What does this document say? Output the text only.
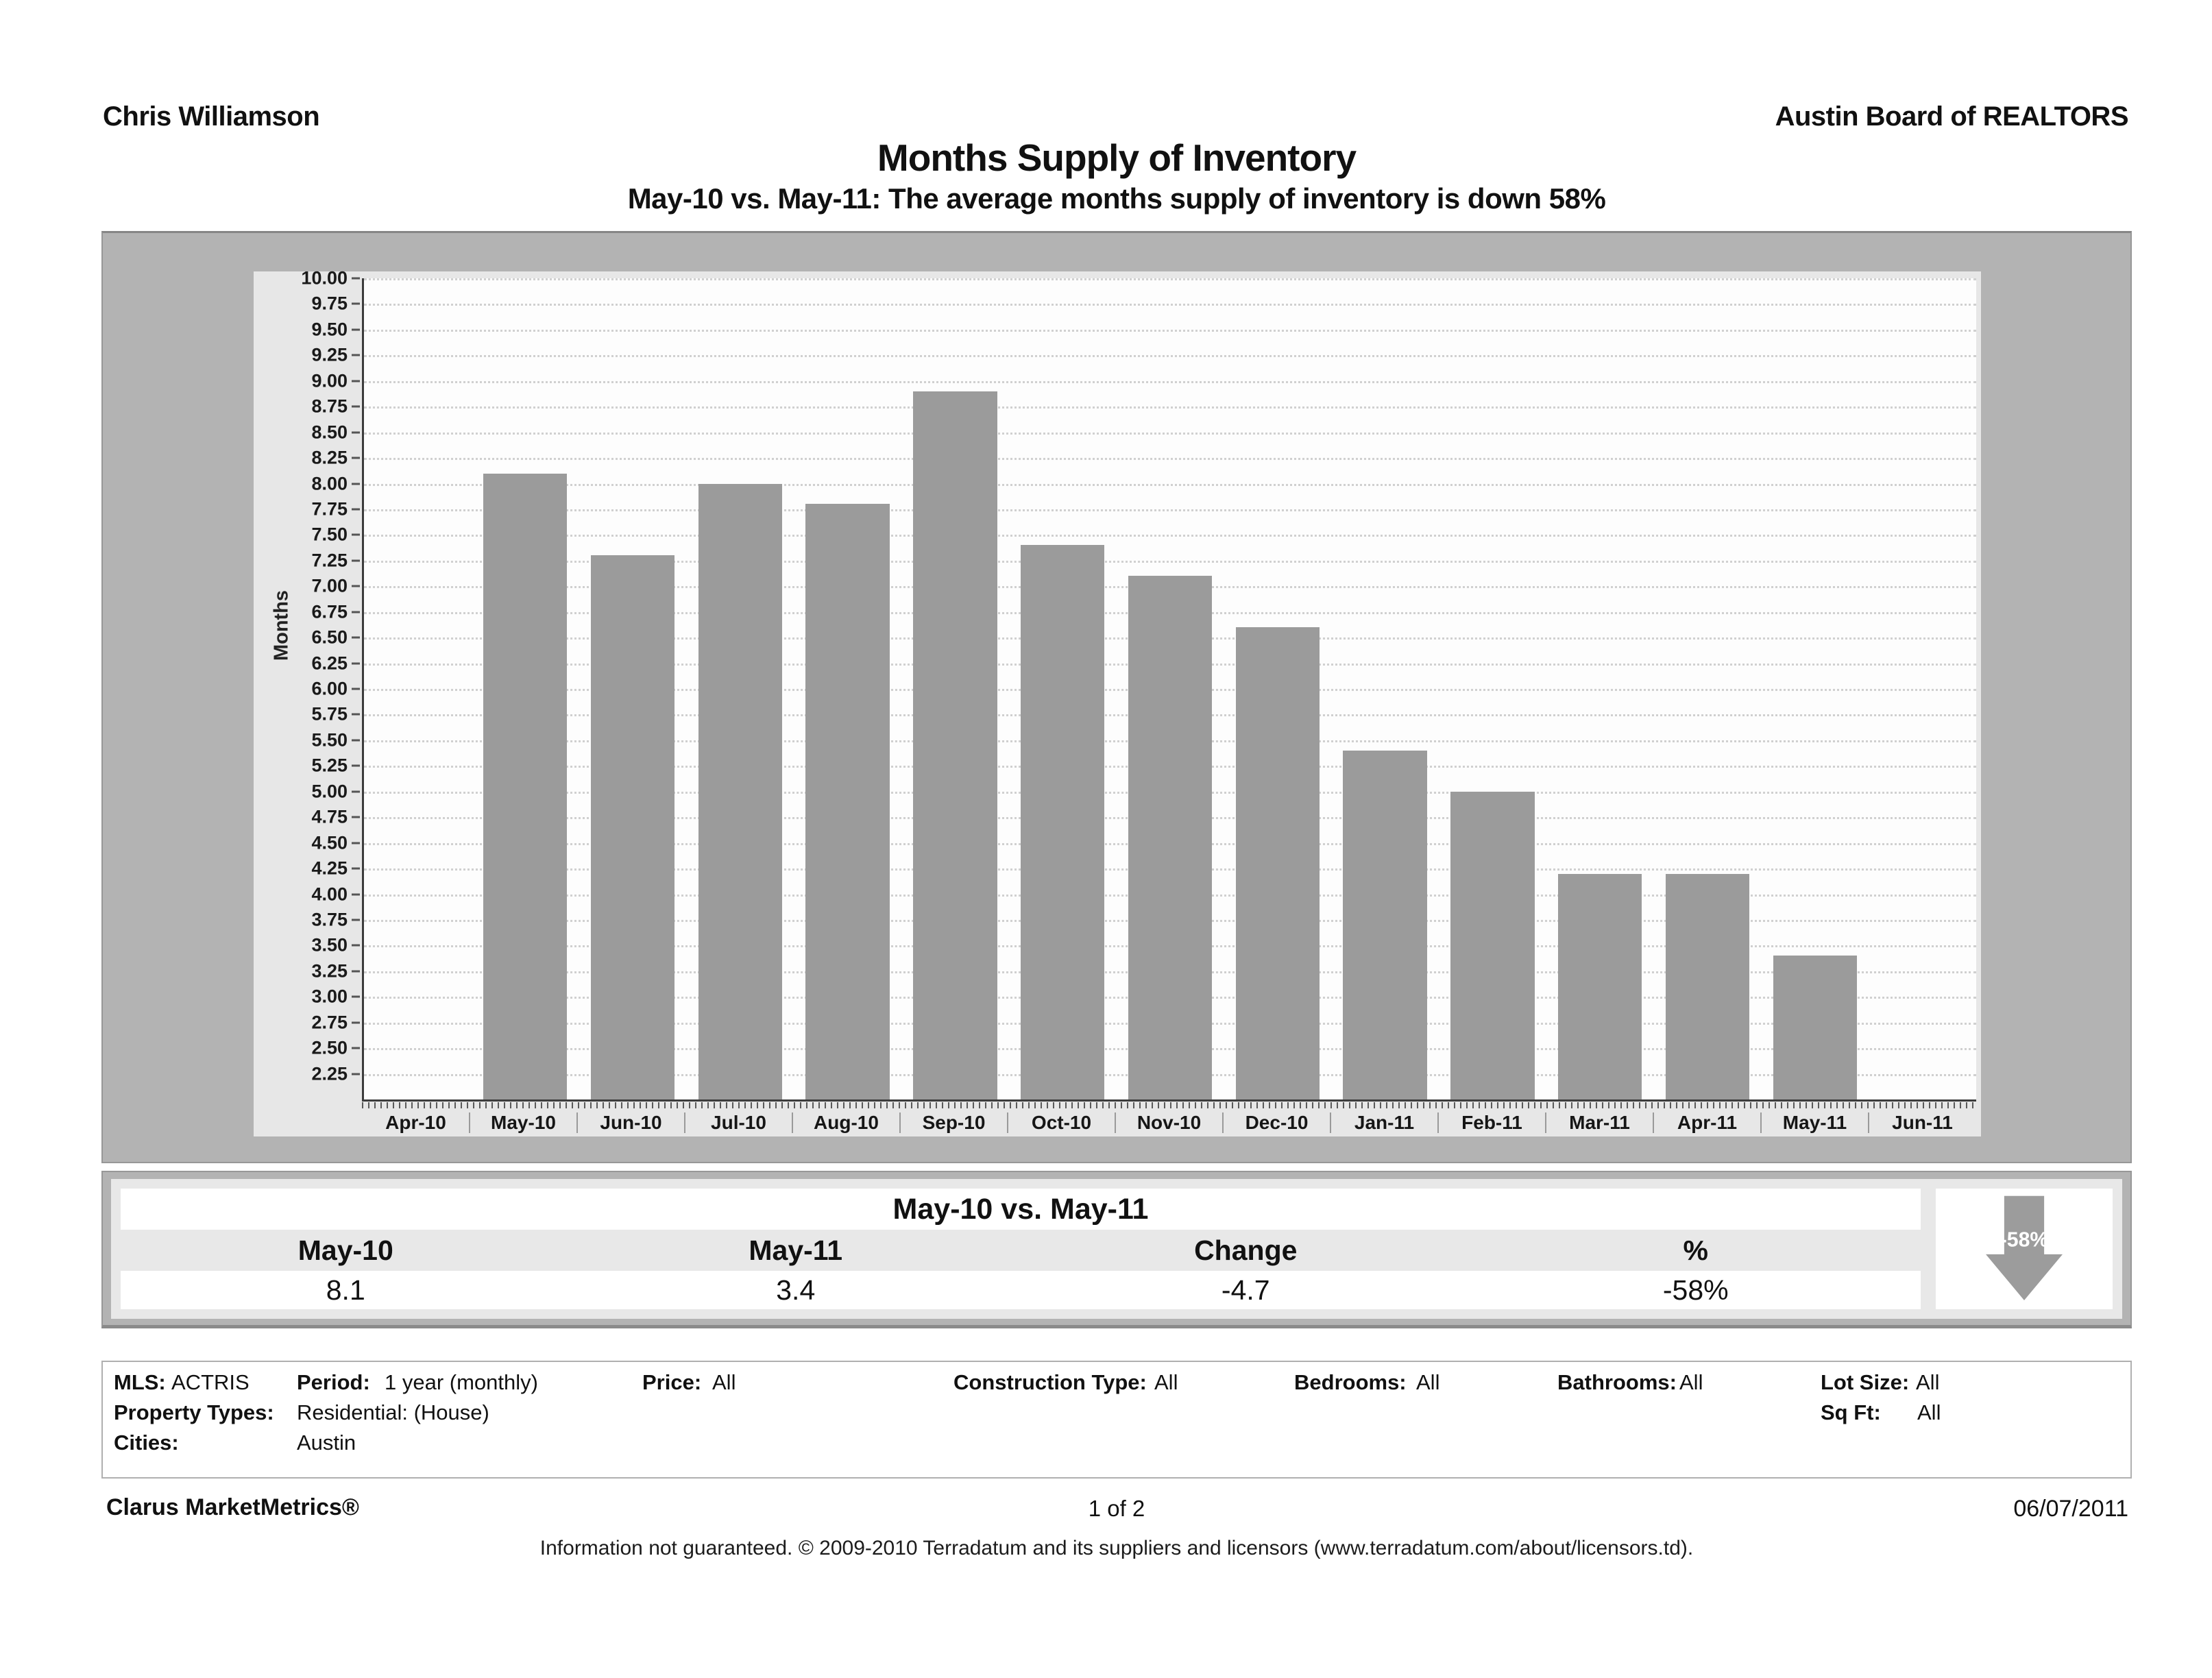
Chris Williamson	Austin Board of REALTORS
Months Supply of Inventory
May-10 vs. May-11: The average months supply of inventory is down 58%
Months
10.00
9.75
9.50
9.25
9.00
8.75
8.50
8.25
8.00
7.75
7.50
7.25
7.00
6.75
6.50
6.25
6.00
5.75
5.50
5.25
5.00
4.75
4.50
4.25
4.00
3.75
3.50
3.25
3.00
2.75
2.50
2.25
Apr-10	May-10	Jun-10	Jul-10	Aug-10	Sep-10	Oct-10	Nov-10	Dec-10	Jan-11	Feb-11	Mar-11	Apr-11	May-11	Jun-11
May-10 vs. May-11
May-10	May-11	Change	%
8.1	3.4	-4.7	-58%
-58%
MLS: ACTRIS Period: 1 year (monthly)	Price: All	Construction Type: All	Bedrooms: All	Bathrooms: All	Lot Size: All
Property Types: Residential: (House)	Sq Ft: All
Cities:	Austin
Clarus MarketMetrics®	1 of 2	06/07/2011
Information not guaranteed. © 2009-2010 Terradatum and its suppliers and licensors (www.terradatum.com/about/licensors.td).
